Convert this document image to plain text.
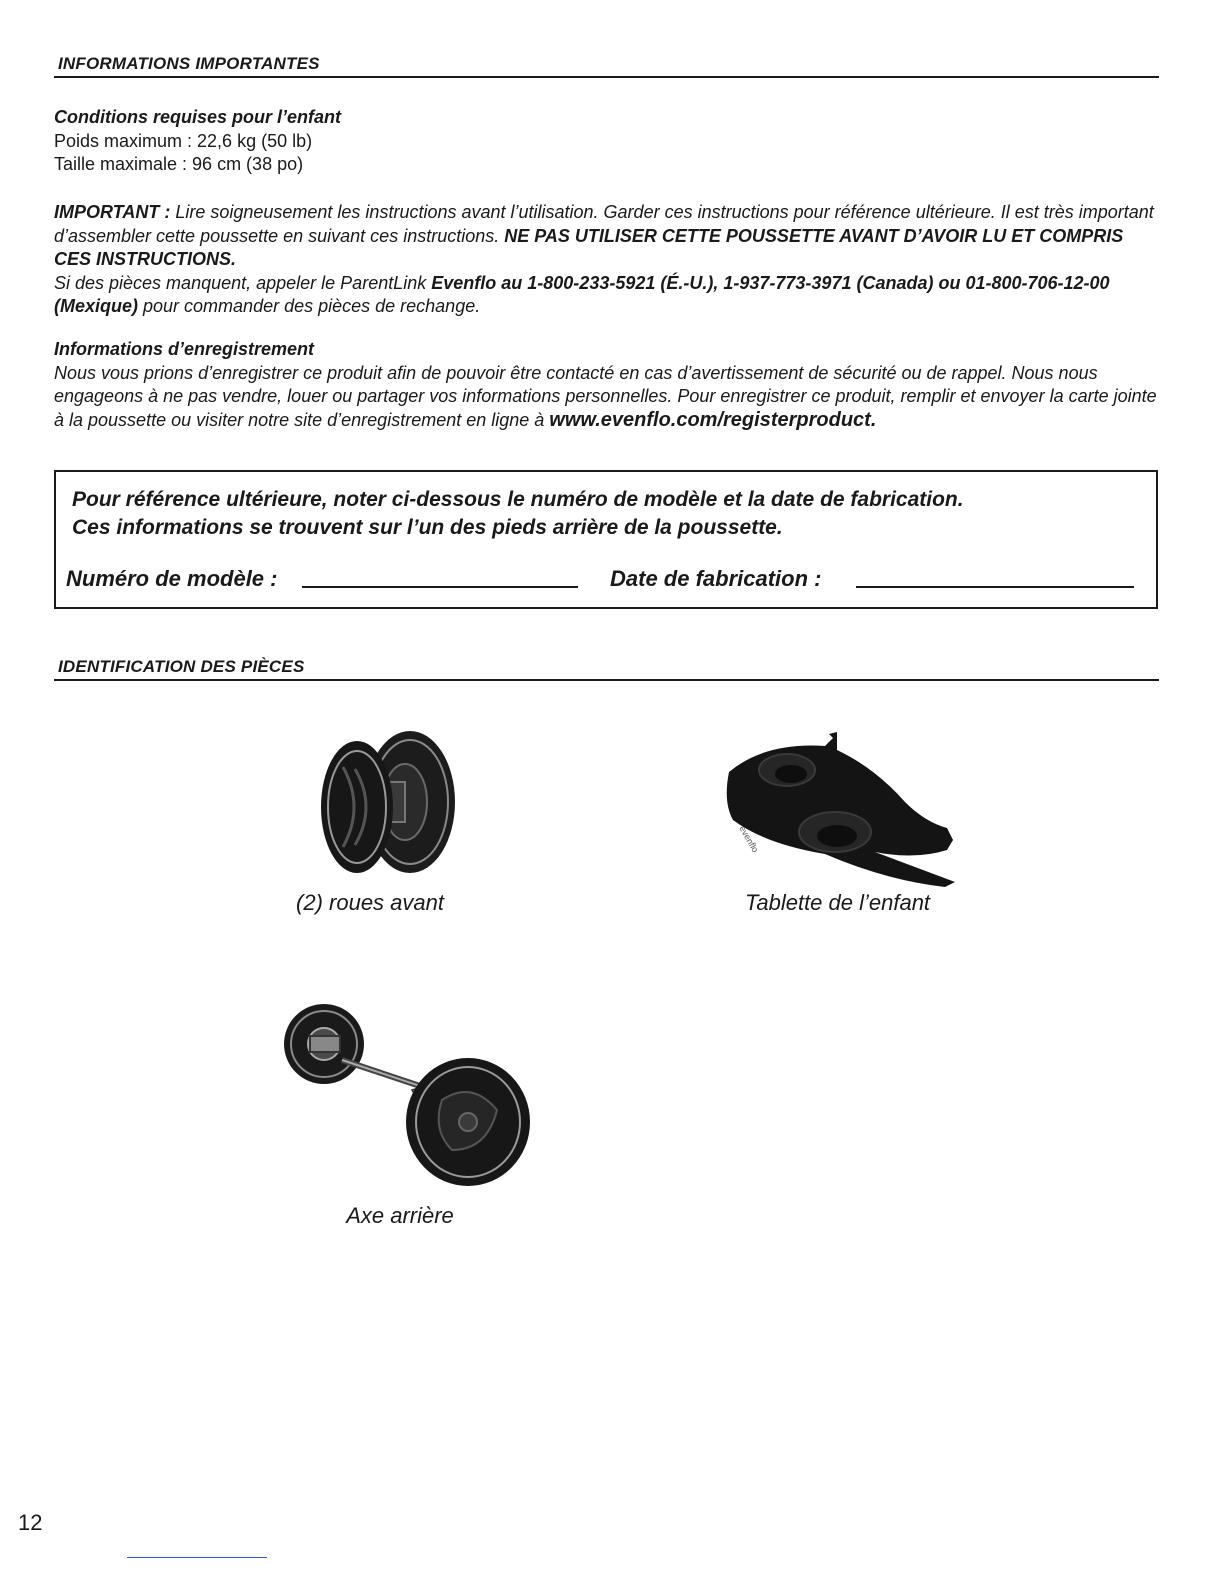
INFORMATIONS IMPORTANTES
Conditions requises pour l’enfant
Poids maximum : 22,6 kg (50 lb)
Taille maximale : 96 cm (38 po)
IMPORTANT : Lire soigneusement les instructions avant l’utilisation. Garder ces instructions pour référence ultérieure. Il est très important d’assembler cette poussette en suivant ces instructions. NE PAS UTILISER CETTE POUSSETTE AVANT D’AVOIR LU ET COMPRIS CES INSTRUCTIONS.
Si des pièces manquent, appeler le ParentLink Evenflo au 1-800-233-5921 (É.-U.), 1-937-773-3971 (Canada) ou 01-800-706-12-00 (Mexique) pour commander des pièces de rechange.
Informations d’enregistrement
Nous vous prions d’enregistrer ce produit afin de pouvoir être contacté en cas d’avertissement de sécurité ou de rappel. Nous nous engageons à ne pas vendre, louer ou partager vos informations personnelles. Pour enregistrer ce produit, remplir et envoyer la carte jointe à la poussette ou visiter notre site d’enregistrement en ligne à www.evenflo.com/registerproduct.
Pour référence ultérieure, noter ci-dessous le numéro de modèle et la date de fabrication.
Ces informations se trouvent sur l’un des pieds arrière de la poussette.
Numéro de modèle :	Date de fabrication :
IDENTIFICATION DES PIÈCES
(2) roues avant
evenflo
Tablette de l’enfant
Axe arrière
12
